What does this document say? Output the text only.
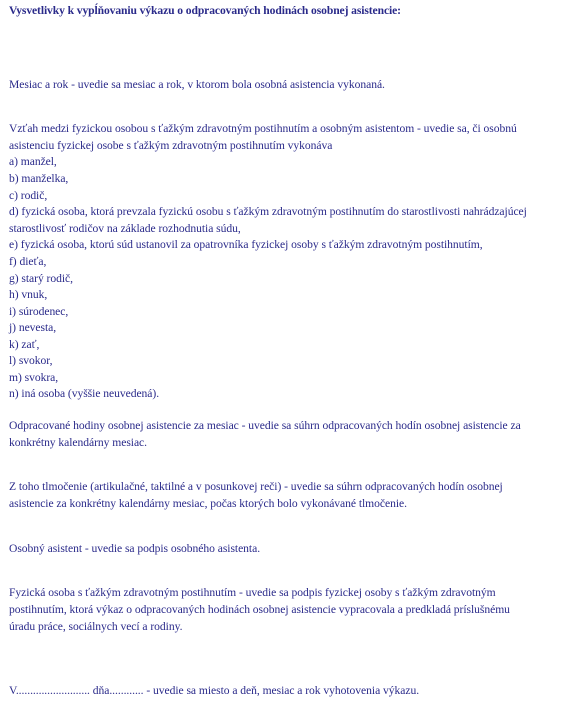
Vysvetlivky k vypĺňovaniu výkazu o odpracovaných hodinách osobnej asistencie:

Mesiac a rok - uvedie sa mesiac a rok, v ktorom bola osobná asistencia vykonaná.

Vzťah medzi fyzickou osobou s ťažkým zdravotným postihnutím a osobným asistentom - uvedie sa, či osobnú

asistenciu fyzickej osobe s ťažkým zdravotným postihnutím vykonáva

a) manžel,

b) manželka,

c) rodič,

d) fyzická osoba, ktorá prevzala fyzickú osobu s ťažkým zdravotným postihnutím do starostlivosti nahrádzajúcej

starostlivosť rodičov na základe rozhodnutia súdu,

e) fyzická osoba, ktorú súd ustanovil za opatrovníka fyzickej osoby s ťažkým zdravotným postihnutím,

f) dieťa,

g) starý rodič,

h) vnuk,

i) súrodenec,

j) nevesta,

k) zať,

l) svokor,

m) svokra,

n) iná osoba (vyššie neuvedená).

Odpracované hodiny osobnej asistencie za mesiac - uvedie sa súhrn odpracovaných hodín osobnej asistencie za

konkrétny kalendárny mesiac.

Z toho tlmočenie (artikulačné, taktilné a v posunkovej reči) - uvedie sa súhrn odpracovaných hodín osobnej

asistencie za konkrétny kalendárny mesiac, počas ktorých bolo vykonávané tlmočenie.

Osobný asistent - uvedie sa podpis osobného asistenta.

Fyzická osoba s ťažkým zdravotným postihnutím - uvedie sa podpis fyzickej osoby s ťažkým zdravotným

postihnutím, ktorá výkaz o odpracovaných hodinách osobnej asistencie vypracovala a predkladá príslušnému

úradu práce, sociálnych vecí a rodiny.

V.......................... dňa............ - uvedie sa miesto a deň, mesiac a rok vyhotovenia výkazu.
